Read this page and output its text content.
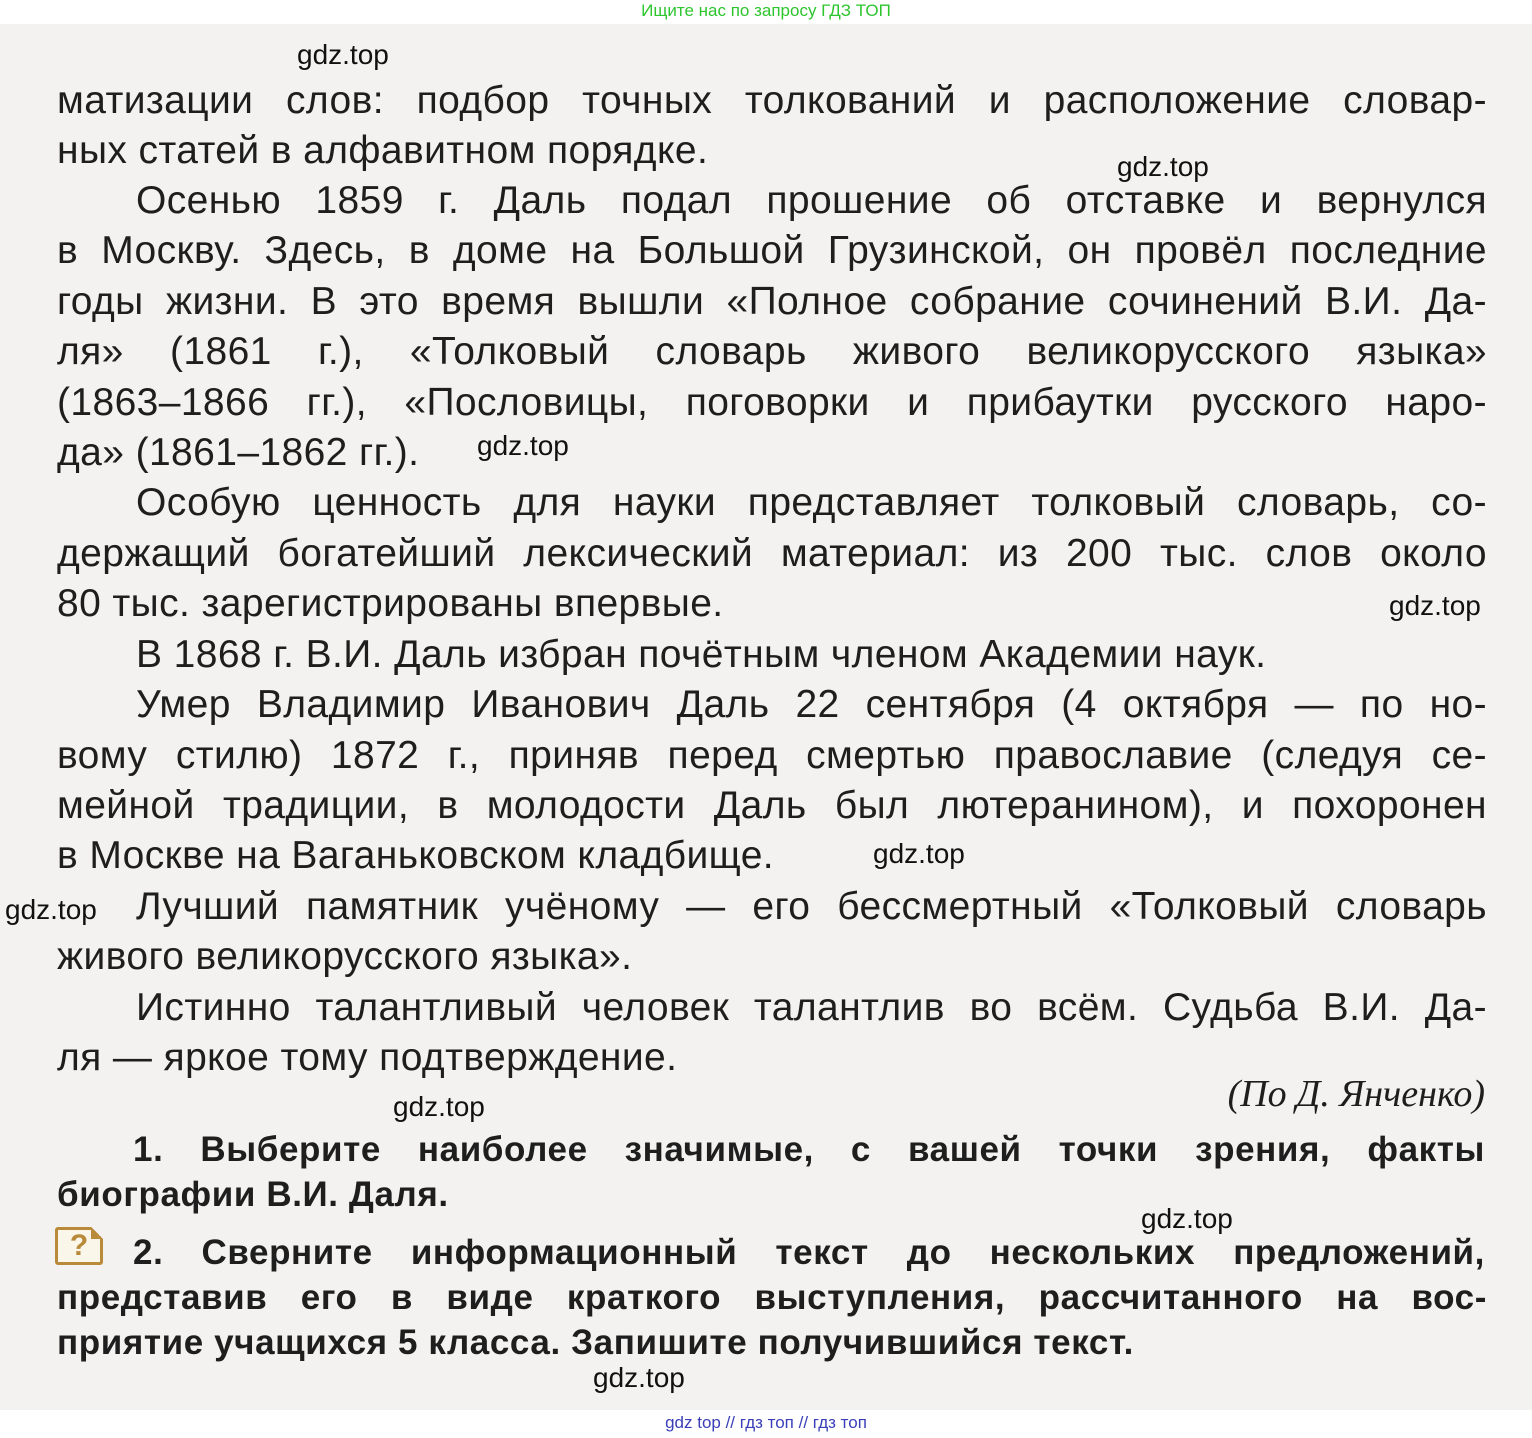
Ищите нас по запросу ГДЗ ТОП
матизации слов: подбор точных толкований и расположение словар-
ных статей в алфавитном порядке.
Осенью 1859 г. Даль подал прошение об отставке и вернулся
в Москву. Здесь, в доме на Большой Грузинской, он провёл последние
годы жизни. В это время вышли «Полное собрание сочинений В.И. Да-
ля» (1861 г.), «Толковый словарь живого великорусского языка»
(1863–1866 гг.), «Пословицы, поговорки и прибаутки русского наро-
да» (1861–1862 гг.).
Особую ценность для науки представляет толковый словарь, со-
держащий богатейший лексический материал: из 200 тыс. слов около
80 тыс. зарегистрированы впервые.
В 1868 г. В.И. Даль избран почётным членом Академии наук.
Умер Владимир Иванович Даль 22 сентября (4 октября — по но-
вому стилю) 1872 г., приняв перед смертью православие (следуя се-
мейной традиции, в молодости Даль был лютеранином), и похоронен
в Москве на Ваганьковском кладбище.
Лучший памятник учёному — его бессмертный «Толковый словарь
живого великорусского языка».
Истинно талантливый человек талантлив во всём. Судьба В.И. Да-
ля — яркое тому подтверждение.
(По Д. Янченко)
1. Выберите наиболее значимые, с вашей точки зрения, факты
биографии В.И. Даля.
?	2. Сверните информационный текст до нескольких предложений,
представив его в виде краткого выступления, рассчитанного на вос-
приятие учащихся 5 класса. Запишите получившийся текст.
gdz.top
gdz.top
gdz.top
gdz.top
gdz.top
gdz.top
gdz.top
gdz.top
gdz.top
gdz top // гдз топ // гдз топ
